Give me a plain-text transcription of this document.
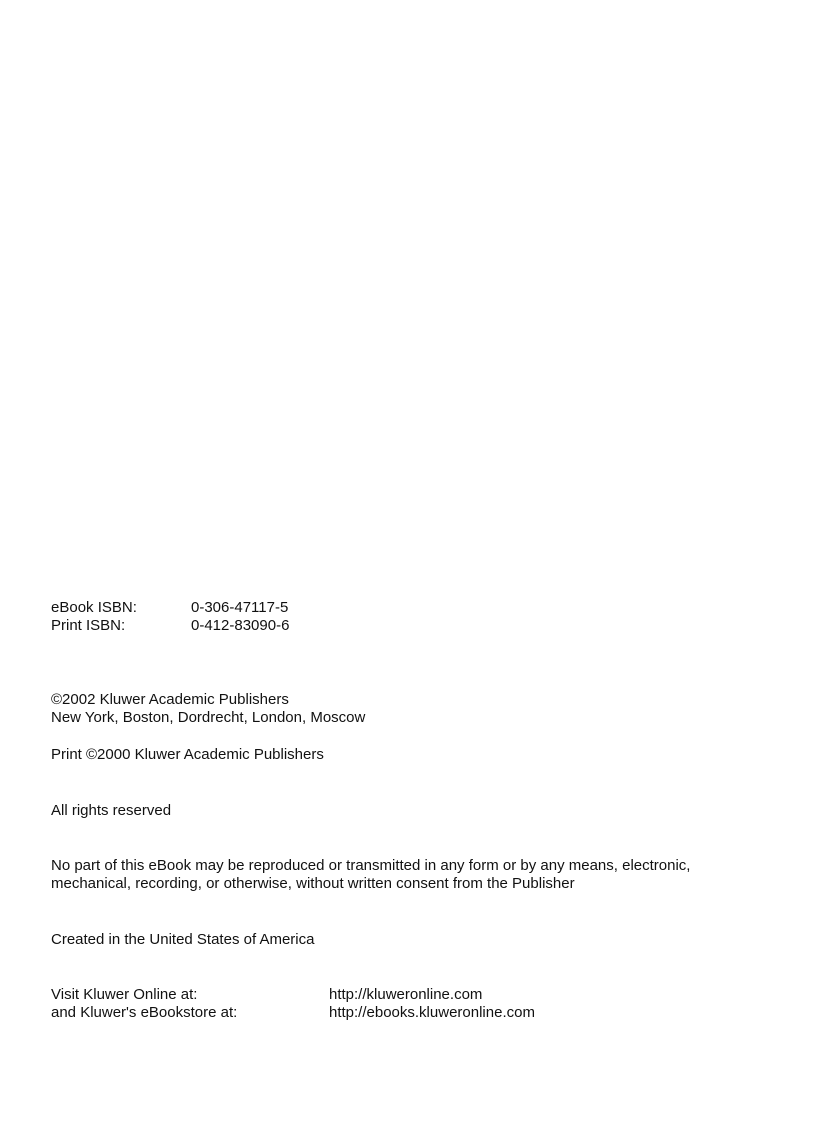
eBook ISBN:	0-306-47117-5
Print ISBN:	0-412-83090-6
©2002 Kluwer Academic Publishers
New York, Boston, Dordrecht, London, Moscow
Print ©2000 Kluwer Academic Publishers
All rights reserved
No part of this eBook may be reproduced or transmitted in any form or by any means, electronic,
mechanical, recording, or otherwise, without written consent from the Publisher
Created in the United States of America
Visit Kluwer Online at:	http://kluweronline.com
and Kluwer's eBookstore at:	http://ebooks.kluweronline.com
